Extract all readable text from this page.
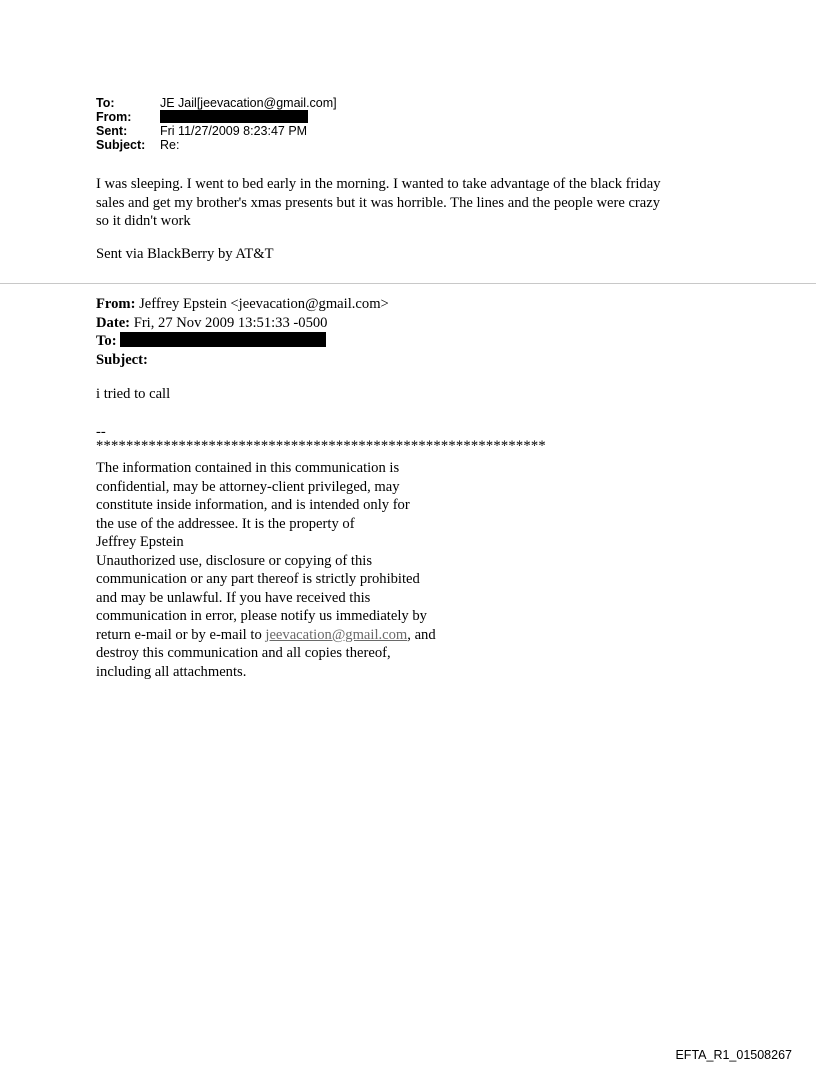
To:	JE Jail[jeevacation@gmail.com]
From:
Sent:	Fri 11/27/2009 8:23:47 PM
Subject:	Re:

I was sleeping. I went to bed early in the morning. I wanted to take advantage of the black friday

sales and get my brother's xmas presents but it was horrible. The lines and the people were crazy

so it didn't work

Sent via BlackBerry by AT&T
From: Jeffrey Epstein <jeevacation@gmail.com>
Date: Fri, 27 Nov 2009 13:51:33 -0500
To:
Subject:
i tried to call
--
************************************************************
The information contained in this communication is
confidential, may be attorney-client privileged, may
constitute inside information, and is intended only for
the use of the addressee. It is the property of
Jeffrey Epstein
Unauthorized use, disclosure or copying of this
communication or any part thereof is strictly prohibited
and may be unlawful. If you have received this
communication in error, please notify us immediately by
return e-mail or by e-mail to jeevacation@gmail.com, and
destroy this communication and all copies thereof,
including all attachments.
EFTA_R1_01508267
